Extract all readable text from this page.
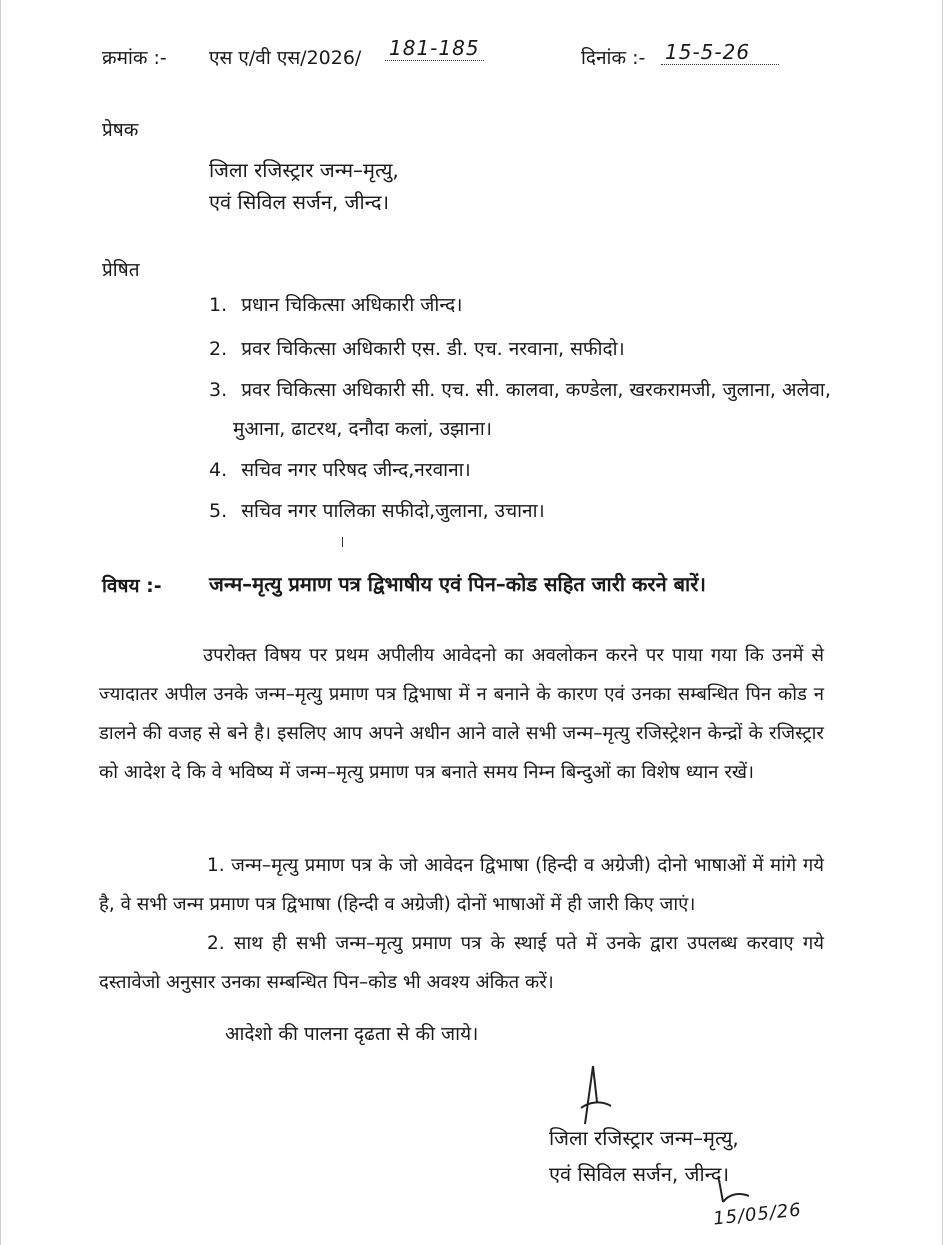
क्रमांक :- एस ए/वी एस/2026/ 181-185	दिनांक :- 15-5-26
प्रेषक
जिला रजिस्ट्रार जन्म–मृत्यु,
एवं सिविल सर्जन, जीन्द।
प्रेषित
1. प्रधान चिकित्सा अधिकारी जीन्द।
2. प्रवर चिकित्सा अधिकारी एस. डी. एच. नरवाना, सफीदो।
3. प्रवर चिकित्सा अधिकारी सी. एच. सी. कालवा, कण्डेला, खरकरामजी, जुलाना, अलेवा,
मुआना, ढाटरथ, दनौदा कलां, उझाना।
4. सचिव नगर परिषद जीन्द,नरवाना।
5. सचिव नगर पालिका सफीदो,जुलाना, उचाना।
विषय :- जन्म–मृत्यु प्रमाण पत्र द्विभाषीय एवं पिन–कोड सहित जारी करने बारें।

उपरोक्त विषय पर प्रथम अपीलीय आवेदनो का अवलोकन करने पर पाया गया कि उनमें से ज्यादातर अपील उनके जन्म–मृत्यु प्रमाण पत्र द्विभाषा में न बनाने के कारण एवं उनका सम्बन्धित पिन कोड न डालने की वजह से बने है। इसलिए आप अपने अधीन आने वाले सभी जन्म–मृत्यु रजिस्ट्रेशन केन्द्रों के रजिस्ट्रार को आदेश दे कि वे भविष्य में जन्म–मृत्यु प्रमाण पत्र बनाते समय निम्न बिन्दुओं का विशेष ध्यान रखें।

1. जन्म–मृत्यु प्रमाण पत्र के जो आवेदन द्विभाषा (हिन्दी व अग्रेजी) दोनो भाषाओं में मांगे गये है, वे सभी जन्म प्रमाण पत्र द्विभाषा (हिन्दी व अग्रेजी) दोनों भाषाओं में ही जारी किए जाएं।

2. साथ ही सभी जन्म–मृत्यु प्रमाण पत्र के स्थाई पते में उनके द्वारा उपलब्ध करवाए गये दस्तावेजो अनुसार उनका सम्बन्धित पिन–कोड भी अवश्य अंकित करें।

आदेशो की पालना दृढता से की जाये।
जिला रजिस्ट्रार जन्म–मृत्यु,
एवं सिविल सर्जन, जीन्द।
15/05/26
